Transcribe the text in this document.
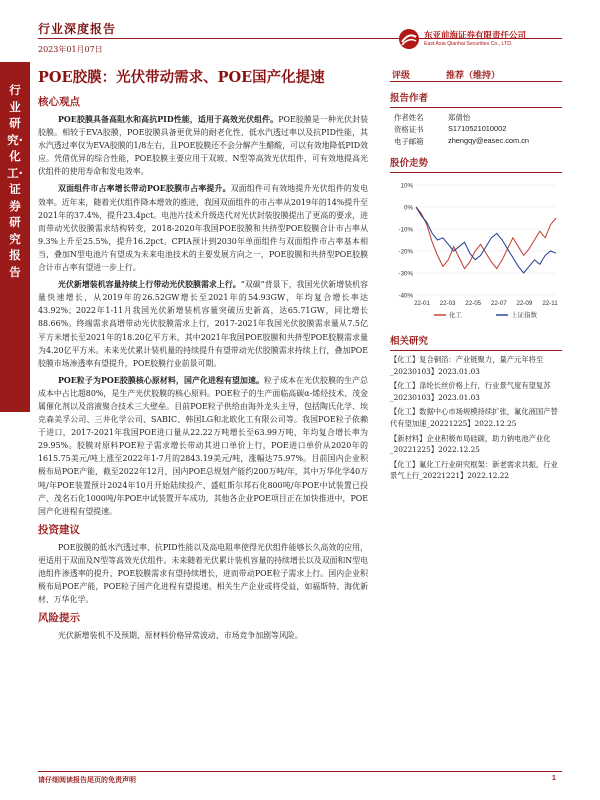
行业深度报告
2023年01月07日
东亚前海证券有限责任公司
East Asia Qianhai Securities Co., LTD.
行业研究·化工·证券研究报告
POE胶膜：光伏带动需求、POE国产化提速
核心观点

POE胶膜具备高阻水和高抗PID性能，适用于高效光伏组件。POE胶膜是一种光伏封装胶膜。相较于EVA胶膜，POE胶膜具备更优异的耐老化性、低水汽透过率以及抗PID性能，其水汽透过率仅为EVA胶膜的1/8左右，且POE胶膜还不会分解产生醋酸，可以有效地降低PID效应。凭借优异的综合性能，POE胶膜主要应用于双玻、N型等高效光伏组件，可有效地提高光伏组件的使用寿命和发电效率。

双面组件市占率增长带动POE胶膜市占率提升。双面组件可有效地提升光伏组件的发电效率。近年来，随着光伏组件降本增效的推进，我国双面组件的市占率从2019年的14%提升至2021年的37.4%，提升23.4pct。电池片技术升级迭代对光伏封装胶膜提出了更高的要求，进而带动光伏胶膜需求结构转变，2018-2020年我国POE胶膜和共挤型POE胶膜合计市占率从9.3%上升至25.5%，提升16.2pct。CPIA预计到2030年单面组件与双面组件市占率基本相当，叠加N型电池片有望成为未来电池技术的主要发展方向之一，POE胶膜和共挤型POE胶膜合计市占率有望进一步上行。

光伏新增装机容量持续上行带动光伏胶膜需求上行。“双碳”背景下，我国光伏新增装机容量快速增长，从2019年的26.52GW增长至2021年的54.93GW，年均复合增长率达43.92%；2022年1-11月我国光伏新增装机容量突破历史新高，达65.71GW，同比增长88.66%。终端需求高增带动光伏胶膜需求上行，2017-2021年我国光伏胶膜需求量从7.5亿平方米增长至2021年的18.20亿平方米，其中2021年我国POE胶膜和共挤型POE胶膜需求量为4.20亿平方米。未来光伏累计装机量的持续提升有望带动光伏胶膜需求持续上行，叠加POE胶膜市场渗透率有望提升，POE胶膜行业前景可期。

POE粒子为POE胶膜核心原材料，国产化进程有望加速。粒子成本在光伏胶膜的生产总成本中占比超80%，是生产光伏胶膜的核心原料。POE粒子的生产面临高碳α-烯烃技术、茂金属催化剂以及溶液聚合技术三大壁垒。目前POE粒子供给由海外龙头主导，包括陶氏化学、埃克森美孚公司、三井化学公司、SABIC、韩国LG和北欧化工有限公司等。我国POE粒子依赖于进口，2017-2021年我国POE进口量从22.22万吨增长至63.99万吨，年均复合增长率为29.95%。胶膜对原料POE粒子需求增长带动其进口单价上行，POE进口单价从2020年的1615.75美元/吨上涨至2022年1-7月的2843.19美元/吨，涨幅达75.97%。目前国内企业积极布局POE产能，截至2022年12月，国内POE总规划产能约200万吨/年，其中万华化学40万吨/年POE装置预计2024年10月开始陆续投产、盛虹斯尔邦石化800吨/年POE中试装置已投产、茂名石化1000吨/年POE中试装置开车成功，其他各企业POE项目正在加快推进中，POE国产化进程有望提速。

投资建议

POE胶膜的低水汽透过率、抗PID性能以及高电阻率使得光伏组件能够长久高效的应用，更适用于双面及N型等高效光伏组件。未来随着光伏累计装机容量的持续增长以及双面和N型电池组件渗透率的提升，POE胶膜需求有望持续增长，进而带动POE粒子需求上行。国内企业积极布局POE产能，POE粒子国产化进程有望提速。相关生产企业或将受益，如福斯特、海优新材、万华化学。

风险提示

光伏新增装机不及预期、原材料价格异常波动、市场竞争加剧等风险。

评级	推荐（维持）
报告作者
作者姓名	郑倩怡
资格证书	S1710521010002
电子邮箱	zhengqy@easec.com.cn
股价走势
10%
0%
-10%
-20%
-30%
-40%
22-01 22-03 22-05 22-07 22-09 22-11
化工	上证指数
相关研究
【化工】复合铜箔：产业链聚力，量产元年将至_20230103】2023.01.03
【化工】涤纶长丝价格上行，行业景气度有望复苏_20230103】2023.01.03
【化工】数据中心市场规模持续扩张，氟化液国产替代有望加速_20221225】2022.12.25
【新材料】企业积极布局硅碳，助力钠电池产业化_20221225】2022.12.25
【化工】氟化工行业研究框架：新老需求共振，行业景气上行_20221221】2022.12.22
请仔细阅读报告尾页的免责声明	1
